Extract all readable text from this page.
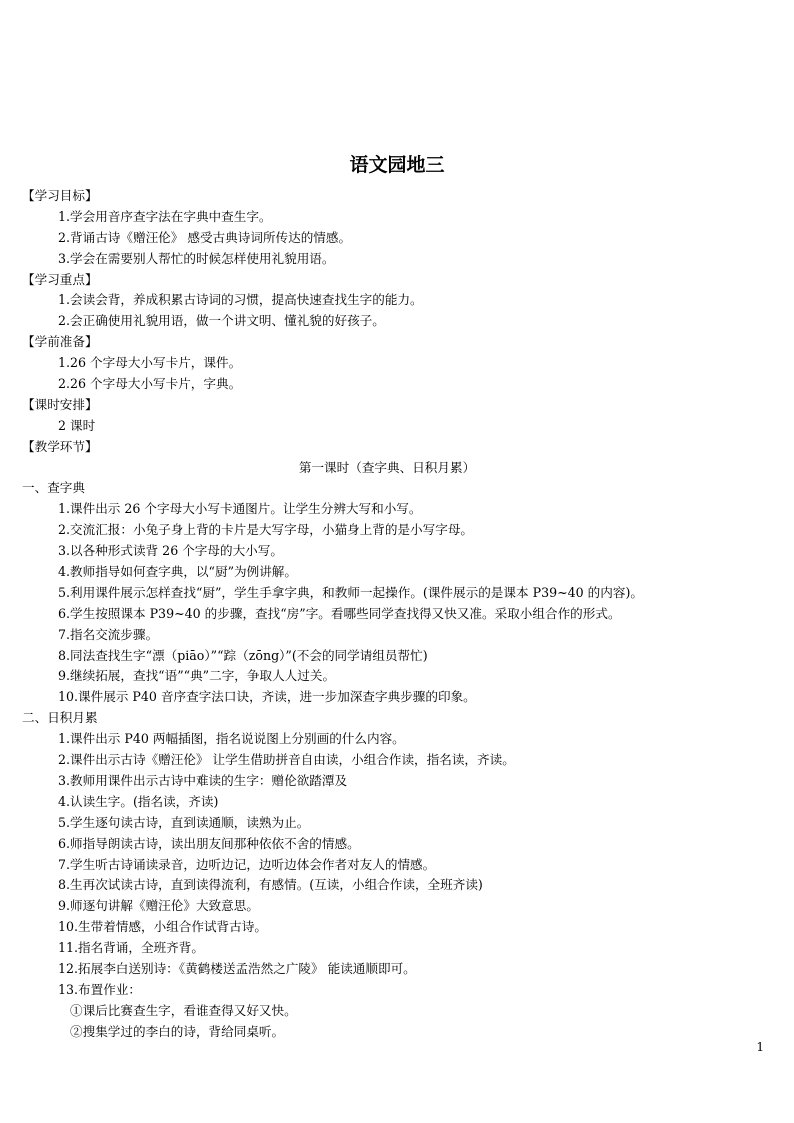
语文园地三
【学习目标】
1.学会用音序查字法在字典中查生字。
2.背诵古诗《赠汪伦》 感受古典诗词所传达的情感。
3.学会在需要别人帮忙的时候怎样使用礼貌用语。
【学习重点】
1.会读会背，养成积累古诗词的习惯，提高快速查找生字的能力。
2.会正确使用礼貌用语，做一个讲文明、懂礼貌的好孩子。
【学前准备】
1.26 个字母大小写卡片，课件。
2.26 个字母大小写卡片，字典。
【课时安排】
2 课时
【教学环节】
第一课时（查字典、日积月累）
一、查字典
1.课件出示 26 个字母大小写卡通图片。让学生分辨大写和小写。
2.交流汇报：小兔子身上背的卡片是大写字母，小猫身上背的是小写字母。
3.以各种形式读背 26 个字母的大小写。
4.教师指导如何查字典，以“厨”为例讲解。
5.利用课件展示怎样查找“厨”，学生手拿字典，和教师一起操作。(课件展示的是课本 P39~40 的内容)。
6.学生按照课本 P39~40 的步骤，查找“房”字。看哪些同学查找得又快又准。采取小组合作的形式。
7.指名交流步骤。
8.同法查找生字“漂（piāo）”“踪（zōng）”(不会的同学请组员帮忙)
9.继续拓展，查找“语”“典”二字，争取人人过关。
10.课件展示 P40 音序查字法口诀，齐读，进一步加深查字典步骤的印象。
二、日积月累
1.课件出示 P40 两幅插图，指名说说图上分别画的什么内容。
2.课件出示古诗《赠汪伦》 让学生借助拼音自由读，小组合作读，指名读，齐读。
3.教师用课件出示古诗中难读的生字：赠伦欲踏潭及
4.认读生字。(指名读，齐读)
5.学生逐句读古诗，直到读通顺，读熟为止。
6.师指导朗读古诗，读出朋友间那种依依不舍的情感。
7.学生听古诗诵读录音，边听边记，边听边体会作者对友人的情感。
8.生再次试读古诗，直到读得流利，有感情。(互读，小组合作读，全班齐读)
9.师逐句讲解《赠汪伦》大致意思。
10.生带着情感，小组合作试背古诗。
11.指名背诵，全班齐背。
12.拓展李白送别诗：《黄鹤楼送孟浩然之广陵》 能读通顺即可。
13.布置作业：
①课后比赛查生字，看谁查得又好又快。
②搜集学过的李白的诗，背给同桌听。
1
